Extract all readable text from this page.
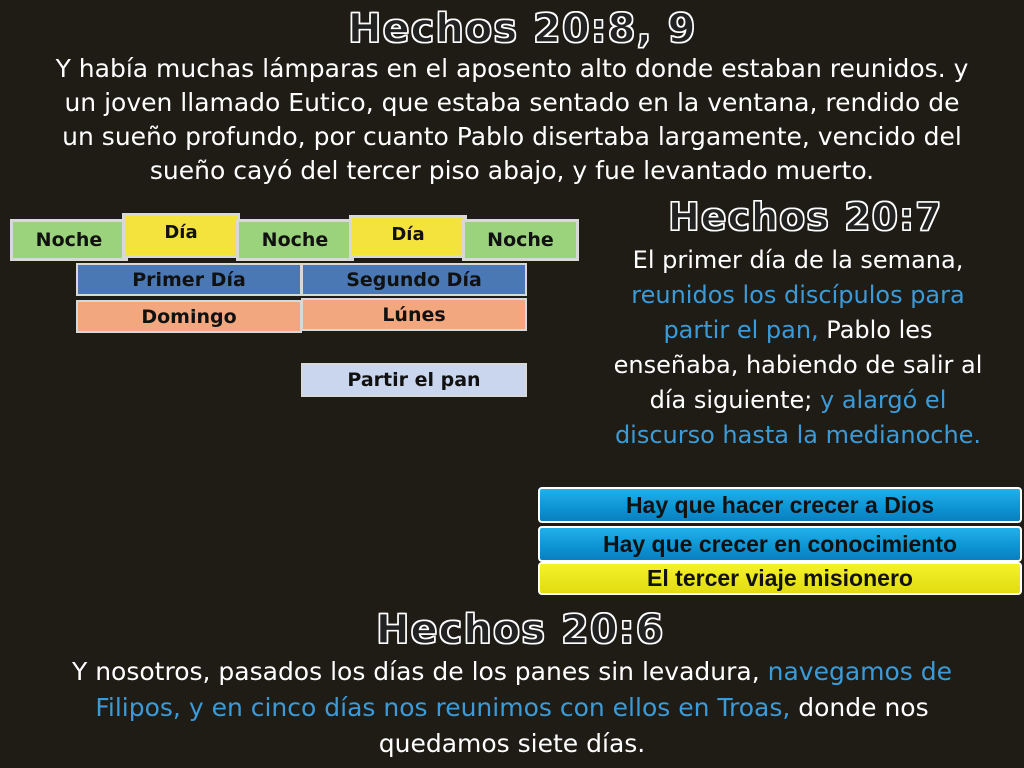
Hechos 20:8, 9
Y había muchas lámparas en el aposento alto donde estaban reunidos. y
un joven llamado Eutico, que estaba sentado en la ventana, rendido de
un sueño profundo, por cuanto Pablo disertaba largamente, vencido del
sueño cayó del tercer piso abajo, y fue levantado muerto.
Noche	Día	Noche	Día	Noche
Primer Día	Segundo Día
Domingo	Lúnes
Partir el pan
Hechos 20:7
El primer día de la semana,
reunidos los discípulos para
partir el pan, Pablo les
enseñaba, habiendo de salir al
día siguiente; y alargó el
discurso hasta la medianoche.
Hay que hacer crecer a Dios
Hay que crecer en conocimiento
El tercer viaje misionero
Hechos 20:6
Y nosotros, pasados los días de los panes sin levadura, navegamos de
Filipos, y en cinco días nos reunimos con ellos en Troas, donde nos
quedamos siete días.
